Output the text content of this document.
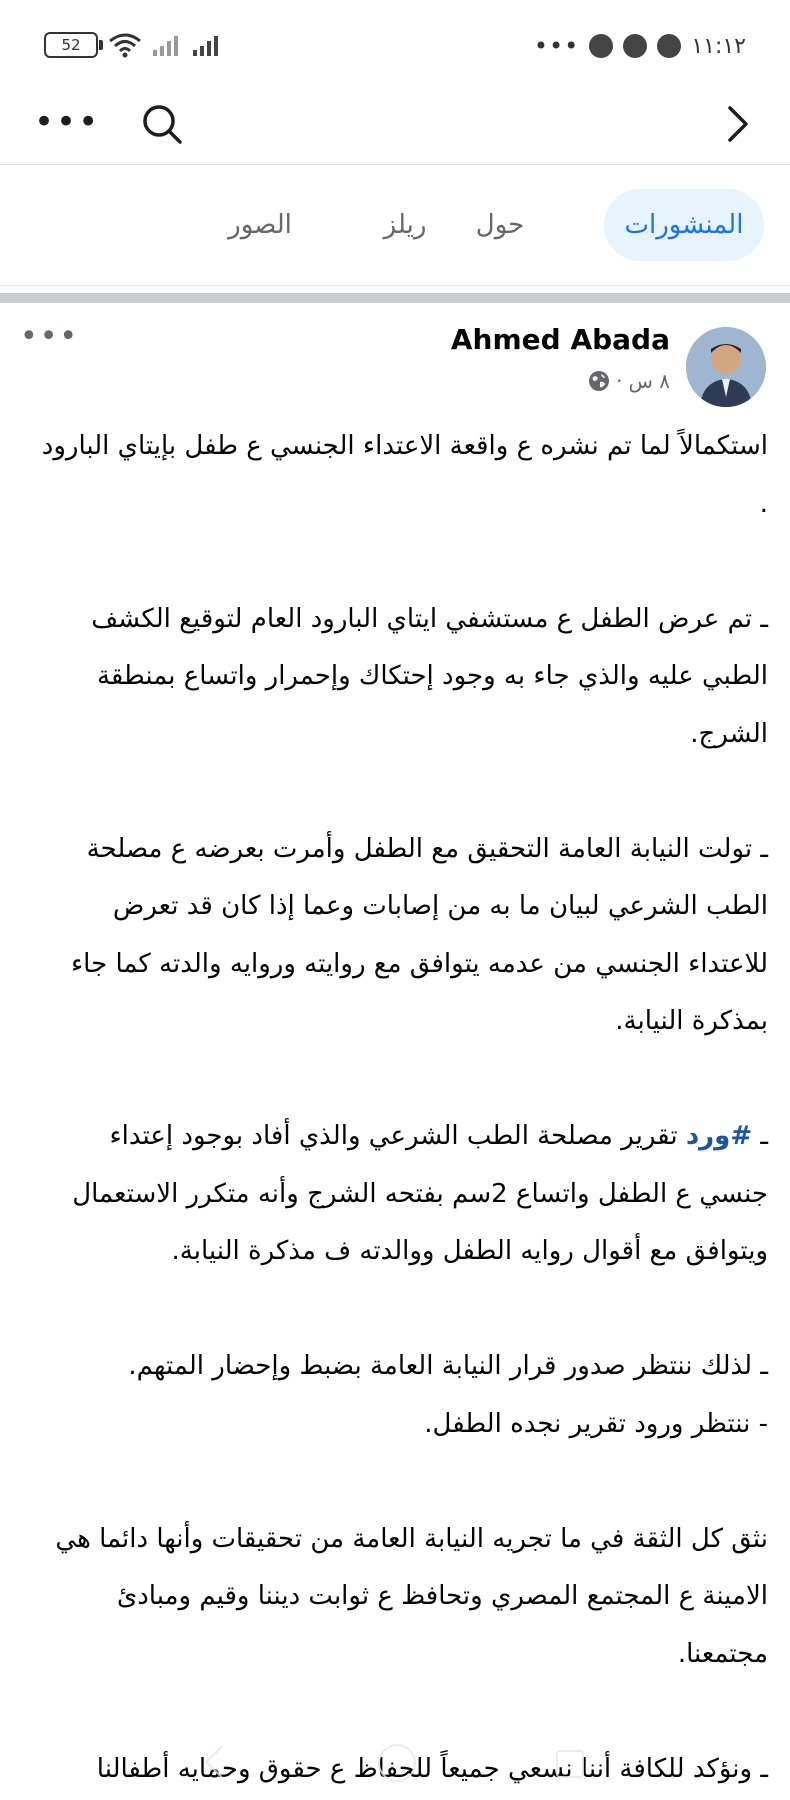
52	•••	١١:١٢
•••
المنشورات
حول
ريلز
الصور
•••	Ahmed Abada
٨ س
·

استكمالاً لما تم نشره ع واقعة الاعتداء الجنسي ع طفل بإيتاي البارود .

ـ تم عرض الطفل ع مستشفي ايتاي البارود العام لتوقيع الكشف الطبي عليه والذي جاء به وجود إحتكاك وإحمرار واتساع بمنطقة الشرج.

ـ تولت النيابة العامة التحقيق مع الطفل وأمرت بعرضه ع مصلحة الطب الشرعي لبيان ما به من إصابات وعما إذا كان قد تعرض للاعتداء الجنسي من عدمه يتوافق مع روايته وروايه والدته كما جاء بمذكرة النيابة.

ـ #ورد تقرير مصلحة الطب الشرعي والذي أفاد بوجود إعتداء جنسي ع الطفل واتساع 2سم بفتحه الشرج وأنه متكرر الاستعمال ويتوافق مع أقوال روايه الطفل ووالدته ف مذكرة النيابة.

ـ لذلك ننتظر صدور قرار النيابة العامة بضبط وإحضار المتهم.

- ننتظر ورود تقرير نجده الطفل.

نثق كل الثقة في ما تجريه النيابة العامة من تحقيقات وأنها دائما هي الامينة ع المجتمع المصري وتحافظ ع ثوابت ديننا وقيم ومبادئ مجتمعنا.

ـ ونؤكد للكافة أننا نسعي جميعاً للحفاظ ع حقوق وحمايه أطفالنا
